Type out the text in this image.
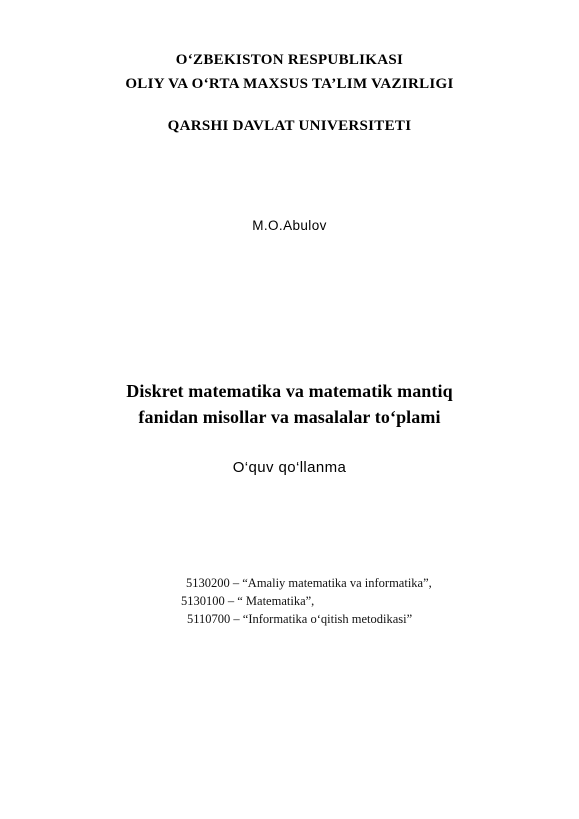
O‘ZBEKISTON RESPUBLIKASI
OLIY VA O‘RTA MAXSUS TA’LIM VAZIRLIGI
QARSHI DAVLAT UNIVERSITETI
M.O.Abulov
Diskret matematika va matematik mantiq
fanidan misollar va masalalar to‘plami
O‘quv qo‘llanma
5130200 – “Amaliy matematika va informatika”,
5130100 – “ Matematika”,
5110700 – “Informatika o‘qitish metodikasi”
